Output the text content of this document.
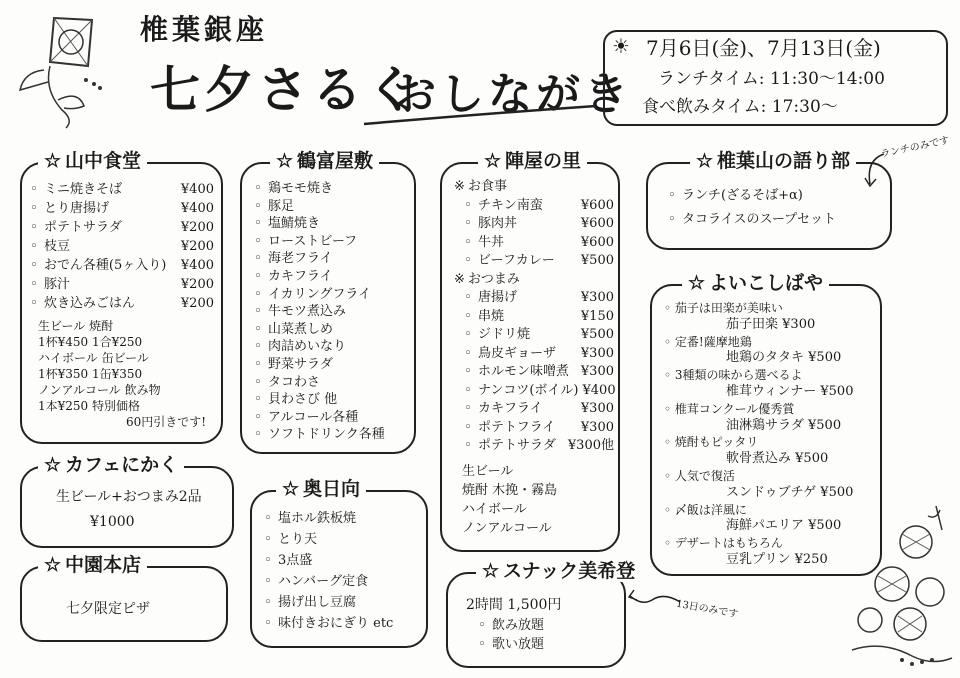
椎葉銀座
七夕さるく
おしながき
☀ 7月6日(金)、7月13日(金)
ランチタイム: 11:30〜14:00
食べ飲みタイム: 17:30〜
☆ 山中食堂
◦ ミニ焼きそば	¥400
◦ とり唐揚げ	¥400
◦ ポテトサラダ	¥200
◦ 枝豆	¥200
◦ おでん各種(5ヶ入り)	¥400
◦ 豚汁	¥200
◦ 炊き込みごはん	¥200
生ビール 焼酎
1杯¥450 1合¥250
ハイボール 缶ビール
1杯¥350 1缶¥350
ノンアルコール 飲み物
1本¥250 特別価格
60円引きです!
☆ 鶴富屋敷
◦ 鶏モモ焼き
◦ 豚足
◦ 塩鯖焼き
◦ ローストビーフ
◦ 海老フライ
◦ カキフライ
◦ イカリングフライ
◦ 牛モツ煮込み
◦ 山菜煮しめ
◦ 肉詰めいなり
◦ 野菜サラダ
◦ タコわさ
◦ 貝わさび 他
◦ アルコール各種
◦ ソフトドリンク各種
☆ 陣屋の里
※ お食事
◦ チキン南蛮	¥600
◦ 豚肉丼	¥600
◦ 牛丼	¥600
◦ ビーフカレー	¥500
※ おつまみ
◦ 唐揚げ	¥300
◦ 串焼	¥150
◦ ジドリ焼	¥500
◦ 鳥皮ギョーザ	¥300
◦ ホルモン味噌煮 ¥300
◦ ナンコツ(ボイル) ¥400
◦ カキフライ	¥300
◦ ポテトフライ	¥300
◦ ポテトサラダ ¥300他
生ビール
焼酎 木挽・霧島
ハイボール
ノンアルコール
☆ 椎葉山の語り部
◦ ランチ(ざるそば+α)
◦ タコライスのスープセット
ランチのみです
☆ よいこしばや
◦ 茄子は田楽が美味い
茄子田楽 ¥300
◦ 定番!薩摩地鶏
地鶏のタタキ ¥500
◦ 3種類の味から選べるよ
椎茸ウィンナー ¥500
◦ 椎茸コンクール優秀賞
油淋鶏サラダ ¥500
◦ 焼酎もピッタリ
軟骨煮込み ¥500
◦ 人気で復活
スンドゥブチゲ ¥500
◦ 〆飯は洋風に
海鮮パエリア ¥500
◦ デザートはもちろん
豆乳プリン ¥250
☆ カフェにかく
生ビール+おつまみ2品
¥1000
☆ 中園本店
七夕限定ピザ
☆ 奥日向
◦ 塩ホル鉄板焼
◦ とり天
◦ 3点盛
◦ ハンバーグ定食
◦ 揚げ出し豆腐
◦ 味付きおにぎり etc
☆ スナック美希登
2時間 1,500円
◦ 飲み放題
◦ 歌い放題
13日のみです
